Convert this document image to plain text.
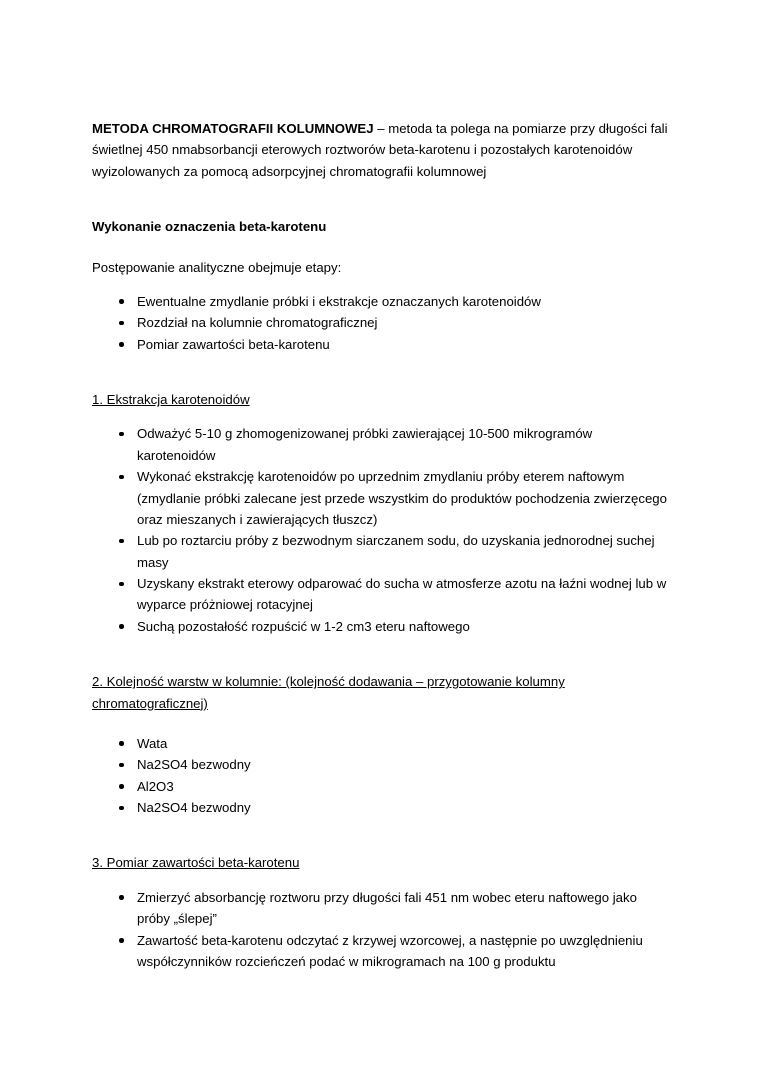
METODA CHROMATOGRAFII KOLUMNOWEJ – metoda ta polega na pomiarze przy długości fali świetlnej 450 nmabsorbancji eterowych roztworów beta-karotenu i pozostałych karotenoidów wyizolowanych za pomocą adsorpcyjnej chromatografii kolumnowej

Wykonanie oznaczenia beta-karotenu

Postępowanie analityczne obejmuje etapy:

Ewentualne zmydlanie próbki i ekstrakcje oznaczanych karotenoidów
Rozdział na kolumnie chromatograficznej
Pomiar zawartości beta-karotenu

1. Ekstrakcja karotenoidów

Odważyć 5-10 g zhomogenizowanej próbki zawierającej 10-500 mikrogramów karotenoidów
Wykonać ekstrakcję karotenoidów po uprzednim zmydlaniu próby eterem naftowym (zmydlanie próbki zalecane jest przede wszystkim do produktów pochodzenia zwierzęcego oraz mieszanych i zawierających tłuszcz)
Lub po roztarciu próby z bezwodnym siarczanem sodu, do uzyskania jednorodnej suchej masy
Uzyskany ekstrakt eterowy odparować do sucha w atmosferze azotu na łaźni wodnej lub w wyparce próżniowej rotacyjnej
Suchą pozostałość rozpuścić w 1-2 cm3 eteru naftowego

2. Kolejność warstw w kolumnie: (kolejność dodawania – przygotowanie kolumny chromatograficznej)

Wata
Na2SO4 bezwodny
Al2O3
Na2SO4 bezwodny

3. Pomiar zawartości beta-karotenu

Zmierzyć absorbancję roztworu przy długości fali 451 nm wobec eteru naftowego jako próby „ślepej”
Zawartość beta-karotenu odczytać z krzywej wzorcowej, a następnie po uwzględnieniu współczynników rozcieńczeń podać w mikrogramach na 100 g produktu
